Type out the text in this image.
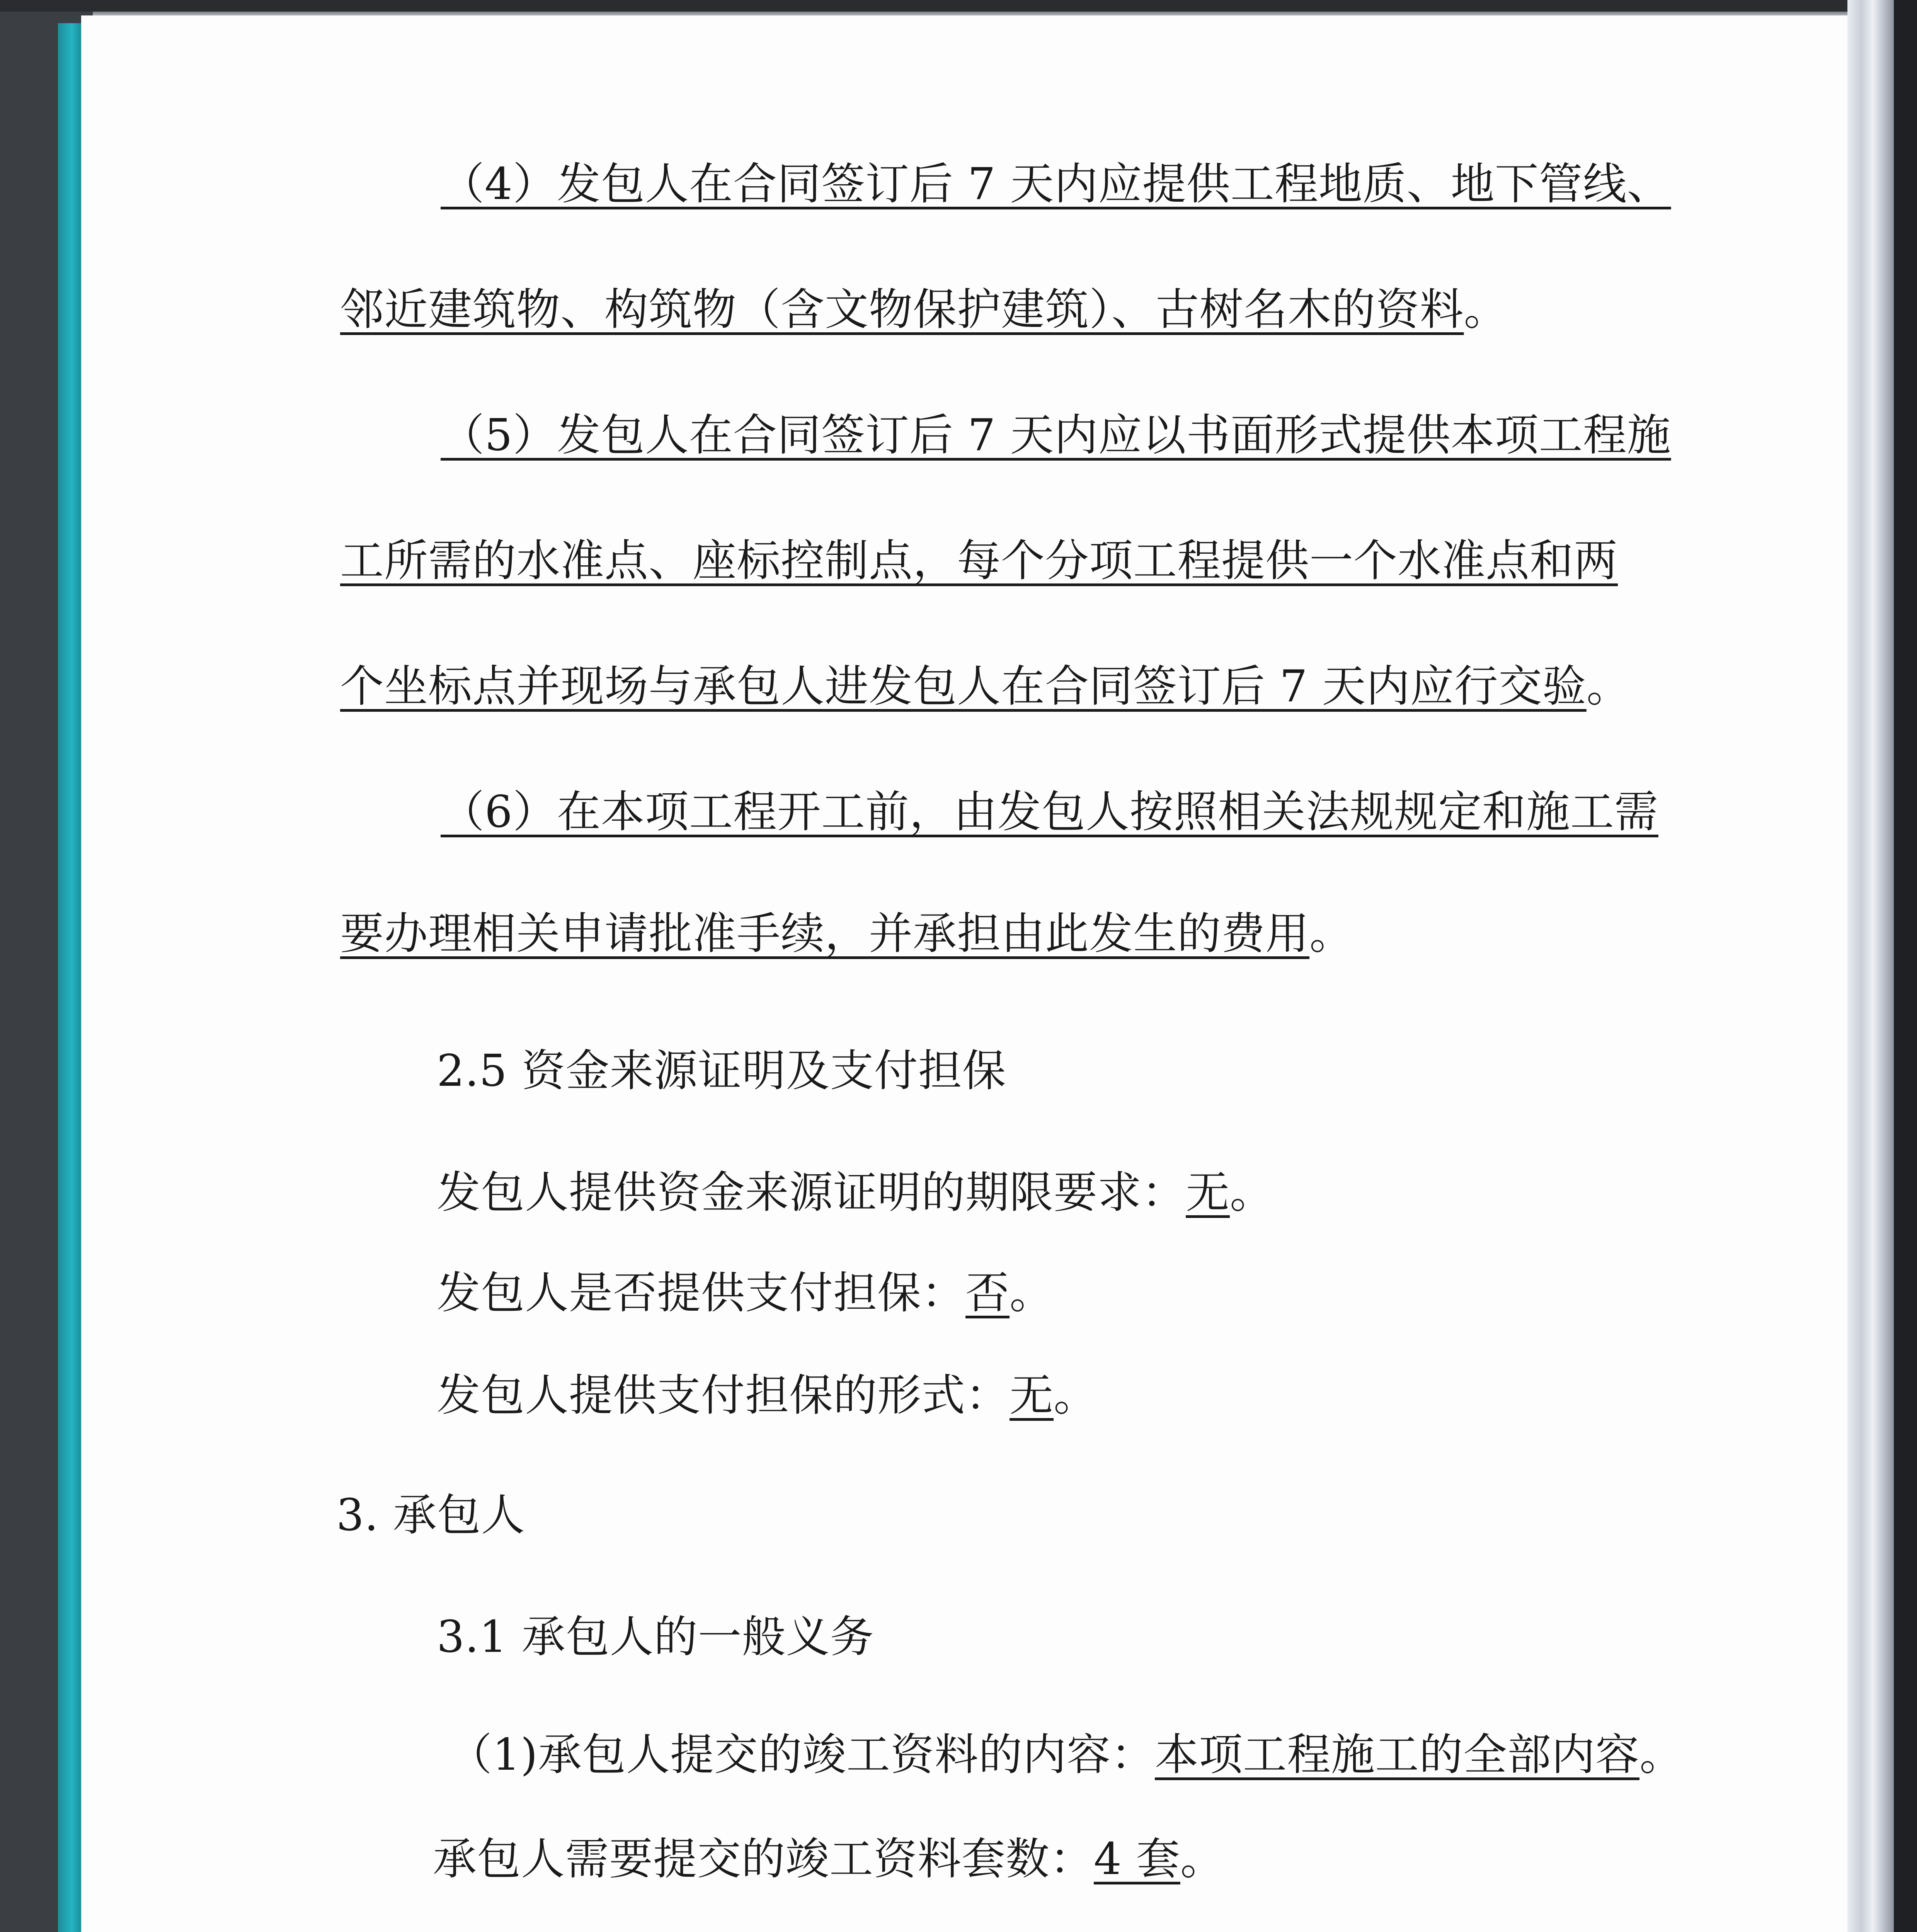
（4）发包人在合同签订后 7 天内应提供工程地质、地下管线、

邻近建筑物、构筑物（含文物保护建筑）、古树名木的资料。

（5）发包人在合同签订后 7 天内应以书面形式提供本项工程施

工所需的水准点、座标控制点，每个分项工程提供一个水准点和两

个坐标点并现场与承包人进发包人在合同签订后 7 天内应行交验。

（6）在本项工程开工前，由发包人按照相关法规规定和施工需

要办理相关申请批准手续，并承担由此发生的费用。

2.5 资金来源证明及支付担保

发包人提供资金来源证明的期限要求：无。

发包人是否提供支付担保：否。

发包人提供支付担保的形式：无。

3. 承包人

3.1 承包人的一般义务

（1)承包人提交的竣工资料的内容：本项工程施工的全部内容。

承包人需要提交的竣工资料套数：4 套。
